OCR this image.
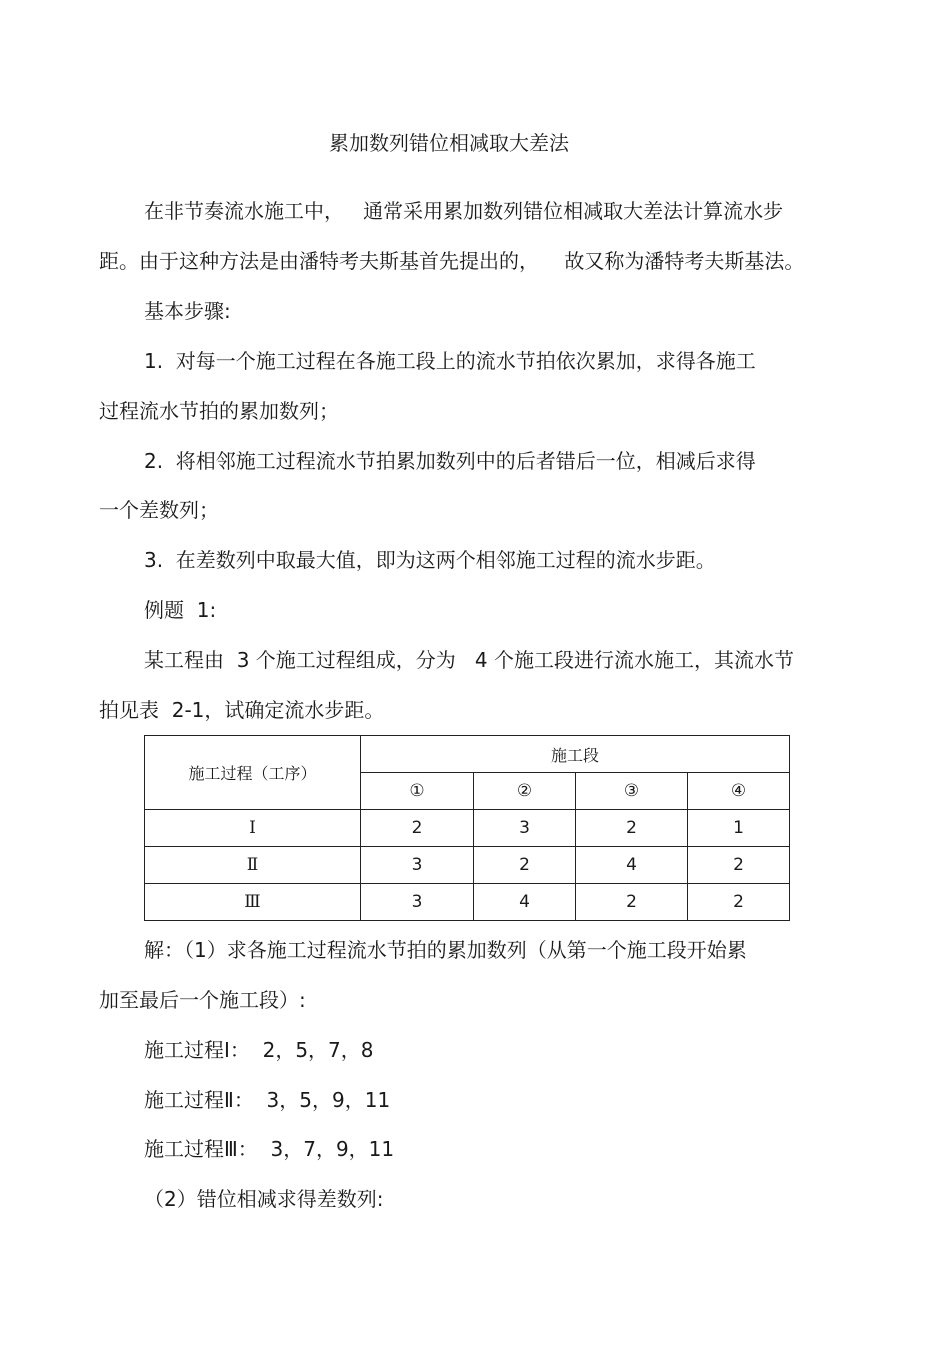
累加数列错位相减取大差法
在非节奏流水施工中，   通常采用累加数列错位相减取大差法计算流水步
距。由于这种方法是由潘特考夫斯基首先提出的，    故又称为潘特考夫斯基法。
基本步骤:
1.  对每一个施工过程在各施工段上的流水节拍依次累加，求得各施工
过程流水节拍的累加数列；
2.  将相邻施工过程流水节拍累加数列中的后者错后一位，相减后求得
一个差数列；
3.  在差数列中取最大值，即为这两个相邻施工过程的流水步距。
例题  1:
某工程由  3 个施工过程组成，分为   4 个施工段进行流水施工，其流水节
拍见表  2-1，试确定流水步距。
施工过程（工序）	施工段			
	①	②	③	④
Ⅰ	2	3	2	1
Ⅱ	3	2	4	2
Ⅲ	3	4	2	2
解：（1）求各施工过程流水节拍的累加数列（从第一个施工段开始累
加至最后一个施工段）:
施工过程Ⅰ：  2，5，7，8
施工过程Ⅱ：  3，5，9，11
施工过程Ⅲ：  3，7，9，11
（2）错位相减求得差数列:
